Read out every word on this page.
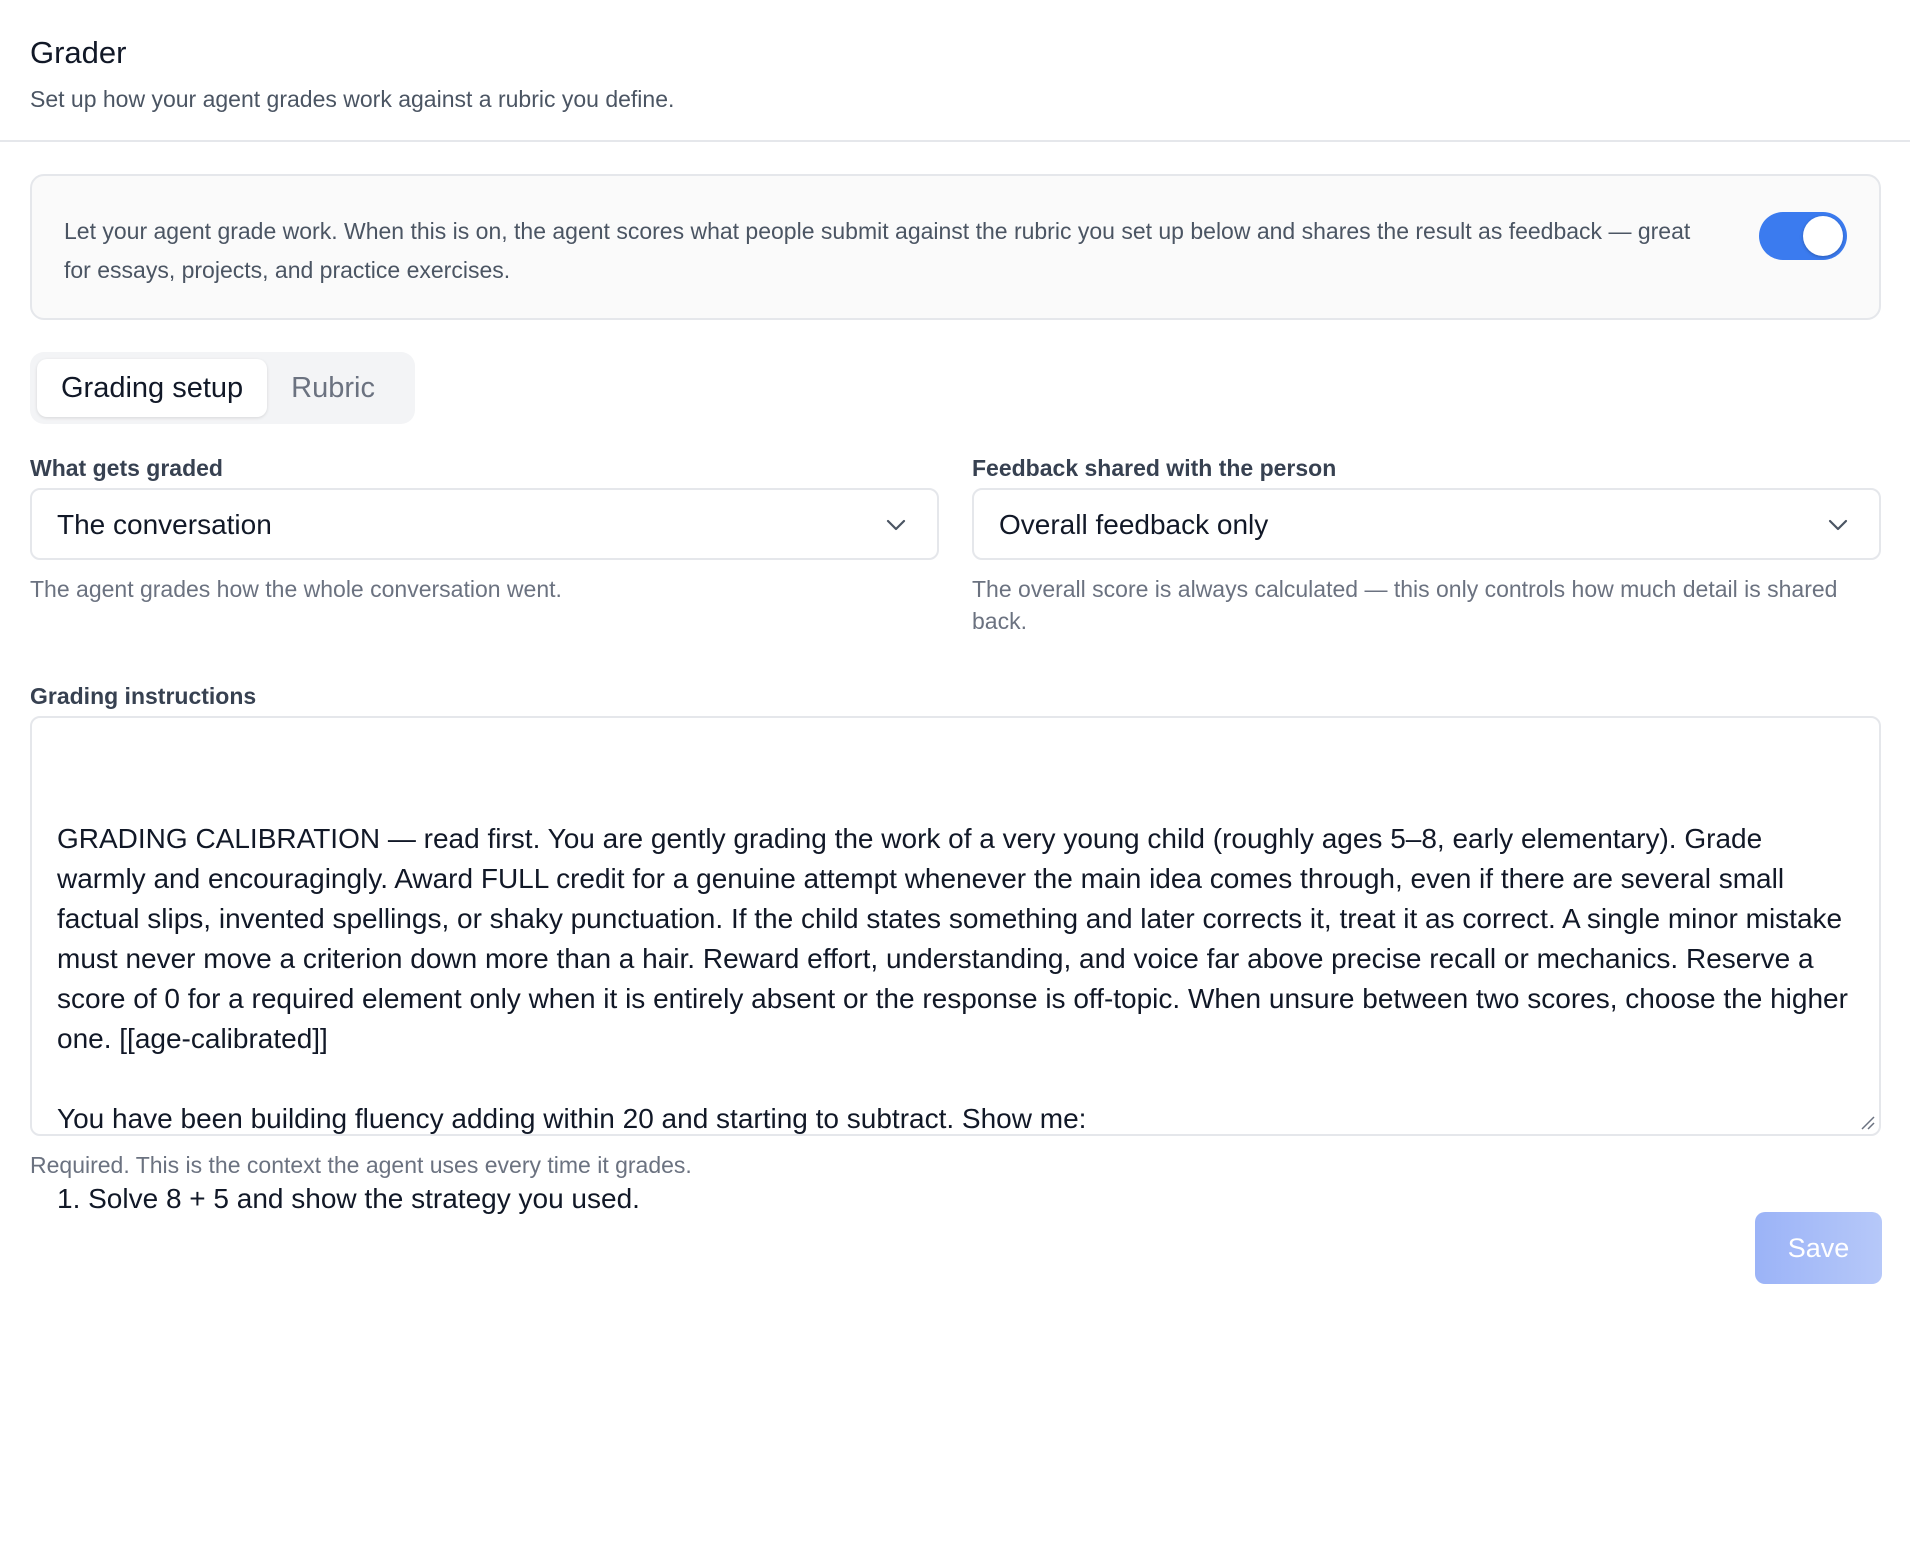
Grader
Set up how your agent grades work against a rubric you define.
Let your agent grade work. When this is on, the agent scores what people submit against the rubric you set up below and shares the result as feedback — great for essays, projects, and practice exercises.
Grading setup	Rubric
What gets graded
The conversation
The agent grades how the whole conversation went.
Feedback shared with the person
Overall feedback only
The overall score is always calculated — this only controls how much detail is shared back.
Grading instructions

GRADING CALIBRATION — read first. You are gently grading the work of a very young child (roughly ages 5–8, early elementary). Grade warmly and encouragingly. Award FULL credit for a genuine attempt whenever the main idea comes through, even if there are several small factual slips, invented spellings, or shaky punctuation. If the child states something and later corrects it, treat it as correct. A single minor mistake must never move a criterion down more than a hair. Reward effort, understanding, and voice far above precise recall or mechanics. Reserve a score of 0 for a required element only when it is entirely absent or the response is off-topic. When unsure between two scores, choose the higher one. [[age-calibrated]]

You have been building fluency adding within 20 and starting to subtract. Show me:

1. Solve 8 + 5 and show the strategy you used.

Required. This is the context the agent uses every time it grades.
Save
